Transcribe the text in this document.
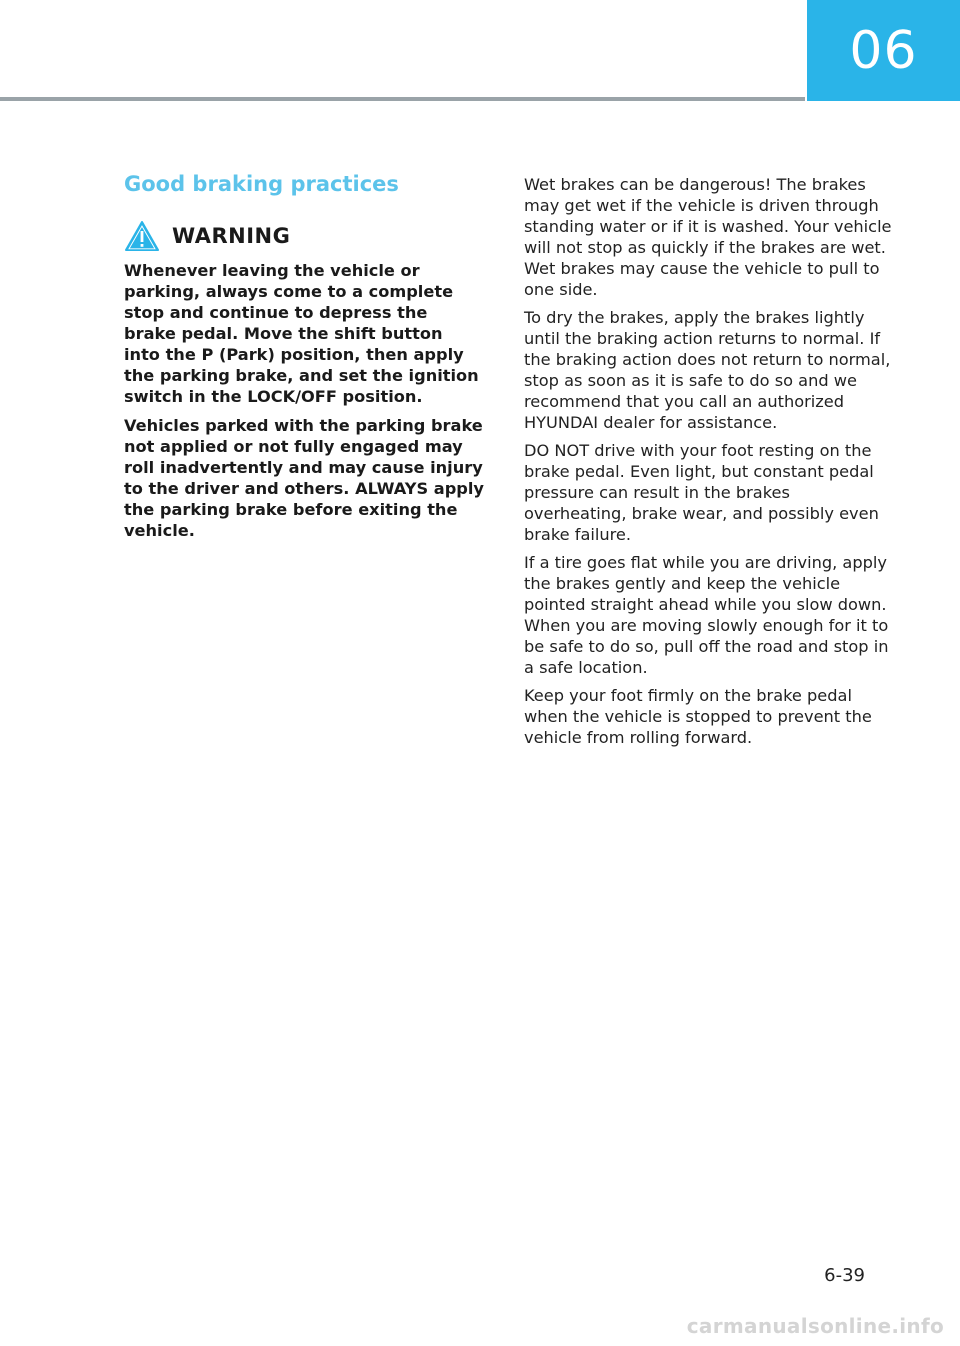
06
Good braking practices
WARNING

Whenever leaving the vehicle or parking, always come to a complete stop and continue to depress the brake pedal. Move the shift button into the P (Park) position, then apply the parking brake, and set the ignition switch in the LOCK/OFF position.

Vehicles parked with the parking brake not applied or not fully engaged may roll inadvertently and may cause injury to the driver and others. ALWAYS apply the parking brake before exiting the vehicle.

Wet brakes can be dangerous! The brakes may get wet if the vehicle is driven through standing water or if it is washed. Your vehicle will not stop as quickly if the brakes are wet. Wet brakes may cause the vehicle to pull to one side.

To dry the brakes, apply the brakes lightly until the braking action returns to normal. If the braking action does not return to normal, stop as soon as it is safe to do so and we recommend that you call an authorized HYUNDAI dealer for assistance.

DO NOT drive with your foot resting on the brake pedal. Even light, but constant pedal pressure can result in the brakes overheating, brake wear, and possibly even brake failure.

If a tire goes flat while you are driving, apply the brakes gently and keep the vehicle pointed straight ahead while you slow down. When you are moving slowly enough for it to be safe to do so, pull off the road and stop in a safe location.

Keep your foot firmly on the brake pedal when the vehicle is stopped to prevent the vehicle from rolling forward.

6-39
carmanualsonline.info
